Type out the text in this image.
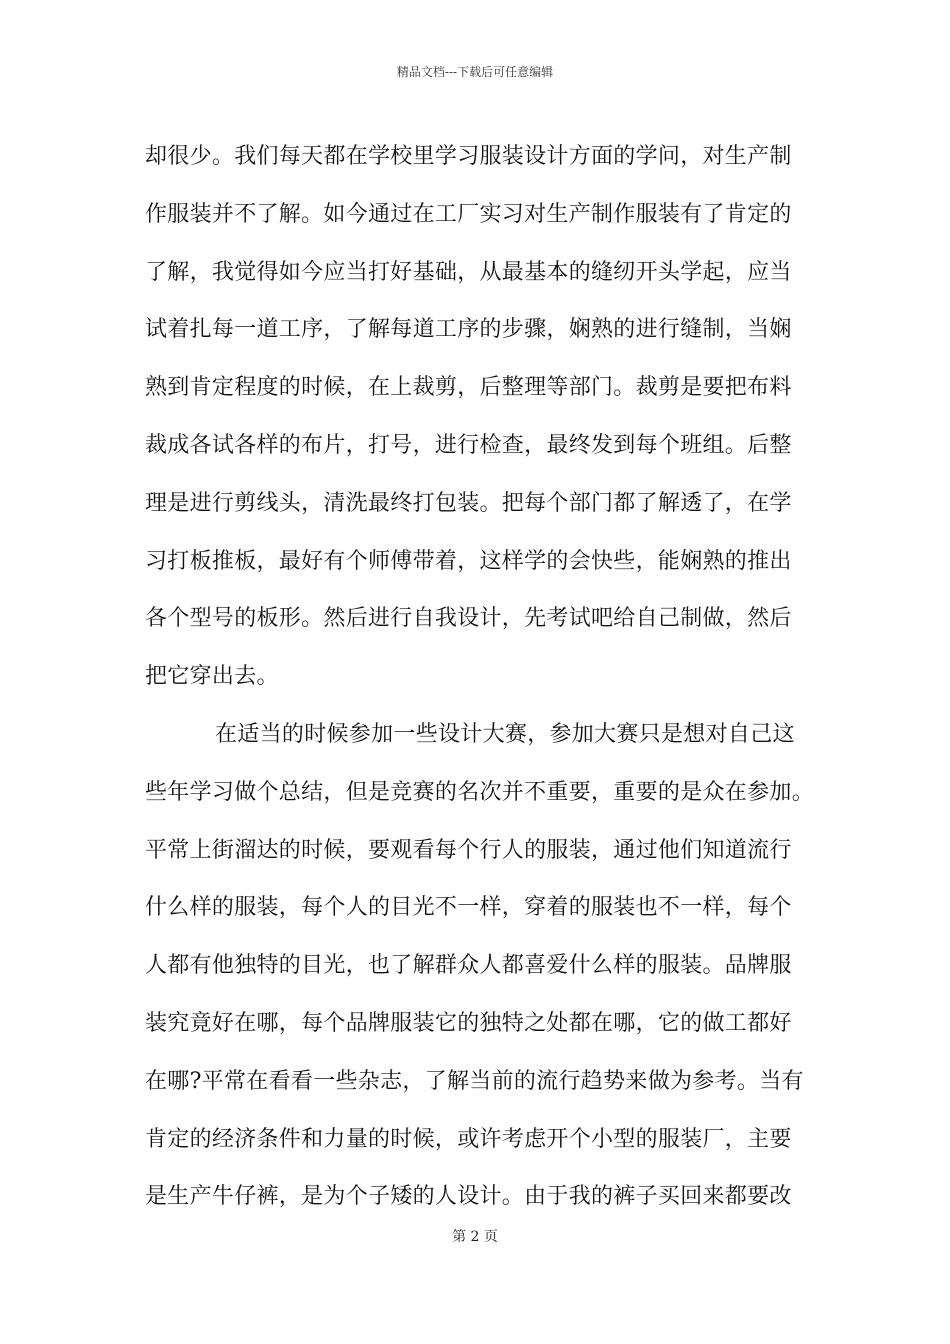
精品文档---下载后可任意编辑
却很少。我们每天都在学校里学习服装设计方面的学问，对生产制
作服装并不了解。如今通过在工厂实习对生产制作服装有了肯定的
了解，我觉得如今应当打好基础，从最基本的缝纫开头学起，应当
试着扎每一道工序，了解每道工序的步骤，娴熟的进行缝制，当娴
熟到肯定程度的时候，在上裁剪，后整理等部门。裁剪是要把布料
裁成各试各样的布片，打号，进行检查，最终发到每个班组。后整
理是进行剪线头，清洗最终打包装。把每个部门都了解透了，在学
习打板推板，最好有个师傅带着，这样学的会快些，能娴熟的推出
各个型号的板形。然后进行自我设计，先考试吧给自己制做，然后
把它穿出去。
在适当的时候参加一些设计大赛，参加大赛只是想对自己这
些年学习做个总结，但是竞赛的名次并不重要，重要的是众在参加。
平常上街溜达的时候，要观看每个行人的服装，通过他们知道流行
什么样的服装，每个人的目光不一样，穿着的服装也不一样，每个
人都有他独特的目光，也了解群众人都喜爱什么样的服装。品牌服
装究竟好在哪，每个品牌服装它的独特之处都在哪，它的做工都好
在哪?平常在看看一些杂志，了解当前的流行趋势来做为参考。当有
肯定的经济条件和力量的时候，或许考虑开个小型的服装厂，主要
是生产牛仔裤，是为个子矮的人设计。由于我的裤子买回来都要改
第 2 页
